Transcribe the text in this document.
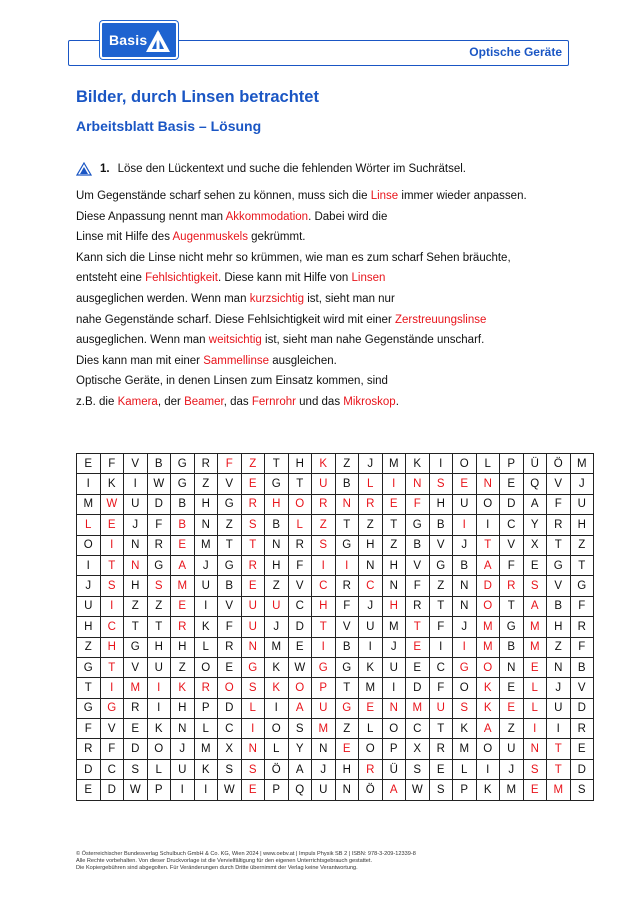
Basis
Optische Geräte
Bilder, durch Linsen betrachtet
Arbeitsblatt Basis – Lösung
1. Löse den Lückentext und suche die fehlenden Wörter im Suchrätsel.
Um Gegenstände scharf sehen zu können, muss sich die Linse immer wieder anpassen.
Diese Anpassung nennt man Akkommodation. Dabei wird die
Linse mit Hilfe des Augenmuskels gekrümmt.
Kann sich die Linse nicht mehr so krümmen, wie man es zum scharf Sehen bräuchte,
entsteht eine Fehlsichtigkeit. Diese kann mit Hilfe von Linsen
ausgeglichen werden. Wenn man kurzsichtig ist, sieht man nur
nahe Gegenstände scharf. Diese Fehlsichtigkeit wird mit einer Zerstreuungslinse
ausgeglichen. Wenn man weitsichtig ist, sieht man nahe Gegenstände unscharf.
Dies kann man mit einer Sammellinse ausgleichen.
Optische Geräte, in denen Linsen zum Einsatz kommen, sind
z.B. die Kamera, der Beamer, das Fernrohr und das Mikroskop.
E	F	V	B	G	R	F	Z	T	H	K	Z	J	M	K	I	O	L	P	Ü	Ö	M
I	K	I	W	G	Z	V	E	G	T	U	B	L	I	N	S	E	N	E	Q	V	J
M	W	U	D	B	H	G	R	H	O	R	N	R	E	F	H	U	O	D	A	F	U
L	E	J	F	B	N	Z	S	B	L	Z	T	Z	T	G	B	I	I	C	Y	R	H
O	I	N	R	E	M	T	T	N	R	S	G	H	Z	B	V	J	T	V	X	T	Z
I	T	N	G	A	J	G	R	H	F	I	I	N	H	V	G	B	A	F	E	G	T
J	S	H	S	M	U	B	E	Z	V	C	R	C	N	F	Z	N	D	R	S	V	G
U	I	Z	Z	E	I	V	U	U	C	H	F	J	H	R	T	N	O	T	A	B	F
H	C	T	T	R	K	F	U	J	D	T	V	U	M	T	F	J	M	G	M	H	R
Z	H	G	H	H	L	R	N	M	E	I	B	I	J	E	I	I	M	B	M	Z	F
G	T	V	U	Z	O	E	G	K	W	G	G	K	U	E	C	G	O	N	E	N	B
T	I	M	I	K	R	O	S	K	O	P	T	M	I	D	F	O	K	E	L	J	V
G	G	R	I	H	P	D	L	I	A	U	G	E	N	M	U	S	K	E	L	U	D
F	V	E	K	N	L	C	I	O	S	M	Z	L	O	C	T	K	A	Z	I	I	R
R	F	D	O	J	M	X	N	L	Y	N	E	O	P	X	R	M	O	U	N	T	E
D	C	S	L	U	K	S	S	Ö	A	J	H	R	Ü	S	E	L	I	J	S	T	D
E	D	W	P	I	I	W	E	P	Q	U	N	Ö	A	W	S	P	K	M	E	M	S
© Österreichischer Bundesverlag Schulbuch GmbH & Co. KG, Wien 2024 | www.oebv.at | Impuls Physik SB 2 | ISBN: 978-3-209-12339-8
Alle Rechte vorbehalten. Von dieser Druckvorlage ist die Vervielfältigung für den eigenen Unterrichtsgebrauch gestattet.
Die Kopiergebühren sind abgegolten. Für Veränderungen durch Dritte übernimmt der Verlag keine Verantwortung.
